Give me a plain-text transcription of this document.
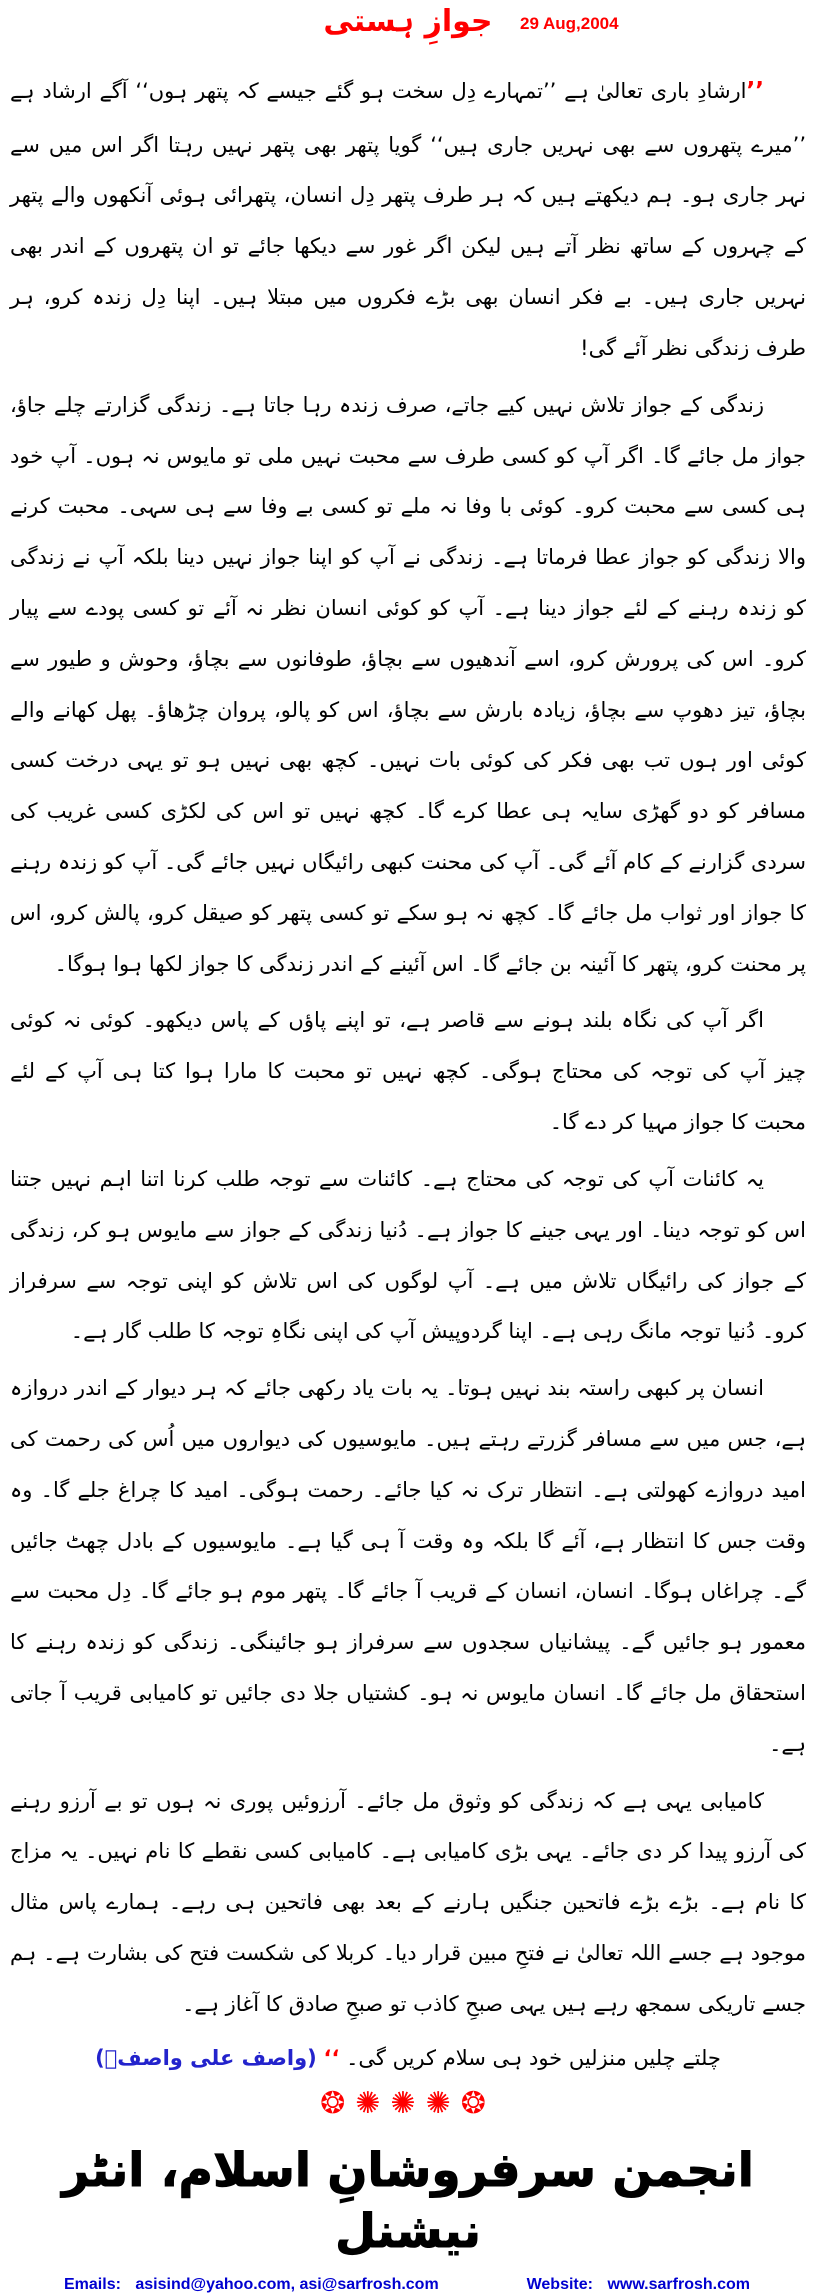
جوازِ ہستی	29 Aug,2004
’’ارشادِ باری تعالیٰ ہے ’’تمہارے دِل سخت ہو گئے جیسے کہ پتھر ہوں‘‘ آگے ارشاد ہے ’’میرے پتھروں سے بھی نہریں جاری ہیں‘‘ گویا پتھر بھی پتھر نہیں رہتا اگر اس میں سے نہر جاری ہو۔ ہم دیکھتے ہیں کہ ہر طرف پتھر دِل انسان، پتھرائی ہوئی آنکھوں والے پتھر کے چہروں کے ساتھ نظر آتے ہیں لیکن اگر غور سے دیکھا جائے تو ان پتھروں کے اندر بھی نہریں جاری ہیں۔ بے فکر انسان بھی بڑے فکروں میں مبتلا ہیں۔ اپنا دِل زندہ کرو، ہر طرف زندگی نظر آئے گی!
زندگی کے جواز تلاش نہیں کیے جاتے، صرف زندہ رہا جاتا ہے۔ زندگی گزارتے چلے جاؤ، جواز مل جائے گا۔ اگر آپ کو کسی طرف سے محبت نہیں ملی تو مایوس نہ ہوں۔ آپ خود ہی کسی سے محبت کرو۔ کوئی با وفا نہ ملے تو کسی بے وفا سے ہی سہی۔ محبت کرنے والا زندگی کو جواز عطا فرماتا ہے۔ زندگی نے آپ کو اپنا جواز نہیں دینا بلکہ آپ نے زندگی کو زندہ رہنے کے لئے جواز دینا ہے۔ آپ کو کوئی انسان نظر نہ آئے تو کسی پودے سے پیار کرو۔ اس کی پرورش کرو، اسے آندھیوں سے بچاؤ، طوفانوں سے بچاؤ، وحوش و طیور سے بچاؤ، تیز دھوپ سے بچاؤ، زیادہ بارش سے بچاؤ، اس کو پالو، پروان چڑھاؤ۔ پھل کھانے والے کوئی اور ہوں تب بھی فکر کی کوئی بات نہیں۔ کچھ بھی نہیں ہو تو یہی درخت کسی مسافر کو دو گھڑی سایہ ہی عطا کرے گا۔ کچھ نہیں تو اس کی لکڑی کسی غریب کی سردی گزارنے کے کام آئے گی۔ آپ کی محنت کبھی رائیگاں نہیں جائے گی۔ آپ کو زندہ رہنے کا جواز اور ثواب مل جائے گا۔ کچھ نہ ہو سکے تو کسی پتھر کو صیقل کرو، پالش کرو، اس پر محنت کرو، پتھر کا آئینہ بن جائے گا۔ اس آئینے کے اندر زندگی کا جواز لکھا ہوا ہوگا۔
اگر آپ کی نگاہ بلند ہونے سے قاصر ہے، تو اپنے پاؤں کے پاس دیکھو۔ کوئی نہ کوئی چیز آپ کی توجہ کی محتاج ہوگی۔ کچھ نہیں تو محبت کا مارا ہوا کتا ہی آپ کے لئے محبت کا جواز مہیا کر دے گا۔
یہ کائنات آپ کی توجہ کی محتاج ہے۔ کائنات سے توجہ طلب کرنا اتنا اہم نہیں جتنا اس کو توجہ دینا۔ اور یہی جینے کا جواز ہے۔ دُنیا زندگی کے جواز سے مایوس ہو کر، زندگی کے جواز کی رائیگاں تلاش میں ہے۔ آپ لوگوں کی اس تلاش کو اپنی توجہ سے سرفراز کرو۔ دُنیا توجہ مانگ رہی ہے۔ اپنا گردوپیش آپ کی اپنی نگاہِ توجہ کا طلب گار ہے۔
انسان پر کبھی راستہ بند نہیں ہوتا۔ یہ بات یاد رکھی جائے کہ ہر دیوار کے اندر دروازہ ہے، جس میں سے مسافر گزرتے رہتے ہیں۔ مایوسیوں کی دیواروں میں اُس کی رحمت کی امید دروازے کھولتی ہے۔ انتظار ترک نہ کیا جائے۔ رحمت ہوگی۔ امید کا چراغ جلے گا۔ وہ وقت جس کا انتظار ہے، آئے گا بلکہ وہ وقت آ ہی گیا ہے۔ مایوسیوں کے بادل چھٹ جائیں گے۔ چراغاں ہوگا۔ انسان، انسان کے قریب آ جائے گا۔ پتھر موم ہو جائے گا۔ دِل محبت سے معمور ہو جائیں گے۔ پیشانیاں سجدوں سے سرفراز ہو جائینگی۔ زندگی کو زندہ رہنے کا استحقاق مل جائے گا۔ انسان مایوس نہ ہو۔ کشتیاں جلا دی جائیں تو کامیابی قریب آ جاتی ہے۔
کامیابی یہی ہے کہ زندگی کو وثوق مل جائے۔ آرزوئیں پوری نہ ہوں تو بے آرزو رہنے کی آرزو پیدا کر دی جائے۔ یہی بڑی کامیابی ہے۔ کامیابی کسی نقطے کا نام نہیں۔ یہ مزاج کا نام ہے۔ بڑے بڑے فاتحین جنگیں ہارنے کے بعد بھی فاتحین ہی رہے۔ ہمارے پاس مثال موجود ہے جسے اللہ تعالیٰ نے فتحِ مبین قرار دیا۔ کربلا کی شکست فتح کی بشارت ہے۔ ہم جسے تاریکی سمجھ رہے ہیں یہی صبحِ کاذب تو صبحِ صادق کا آغاز ہے۔
چلتے چلیں منزلیں خود ہی سلام کریں گی۔ ‘‘ (واصف علی واصفؒ)
❂✺✺✺❂
انجمن سرفروشانِ اسلام، انٹر نیشنل
Emails: asisind@yahoo.com, asi@sarfrosh.com	Website: www.sarfrosh.com
